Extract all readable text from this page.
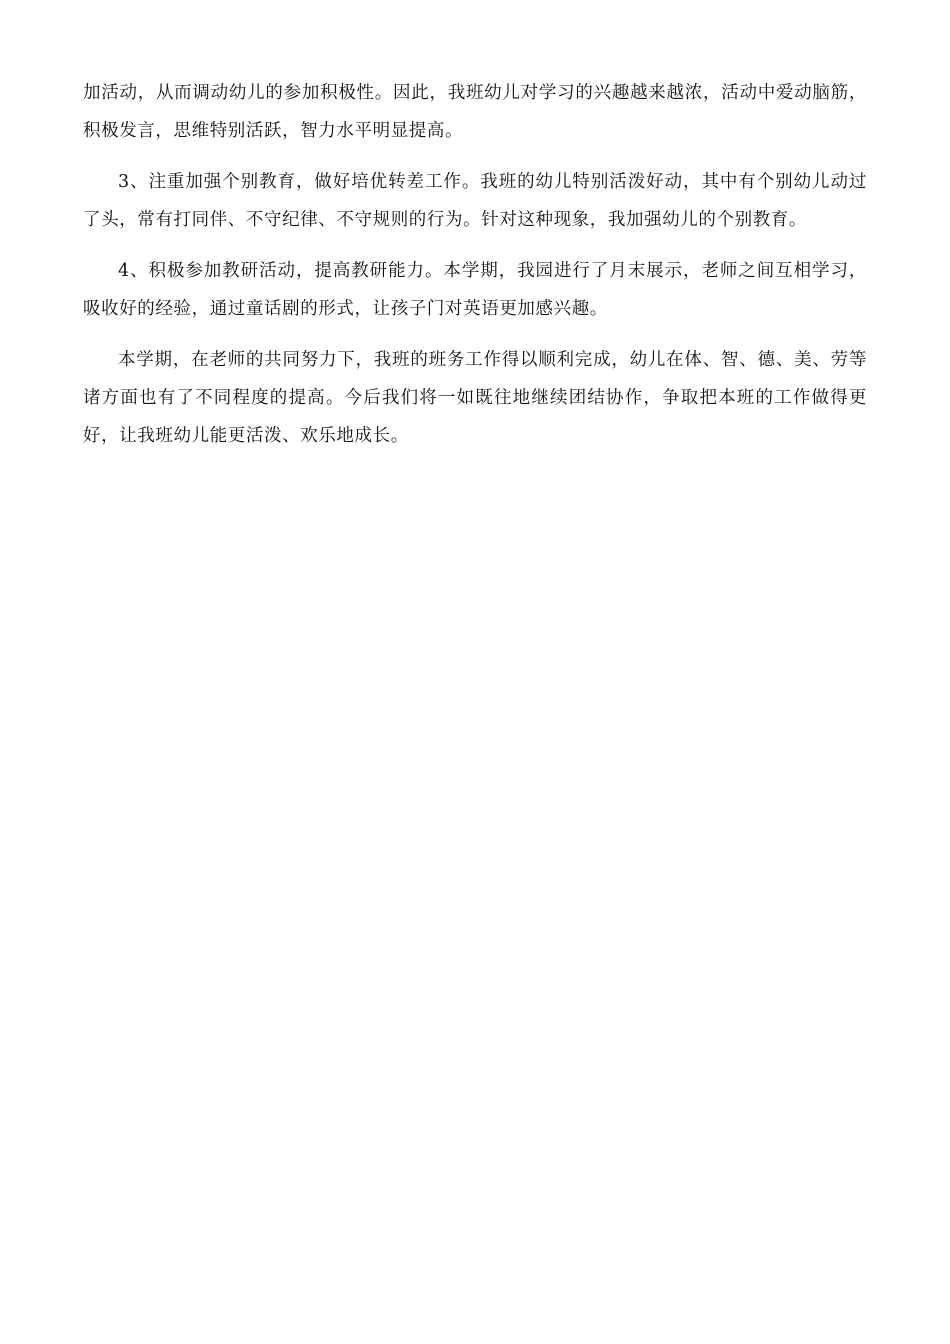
加活动，从而调动幼儿的参加积极性。因此，我班幼儿对学习的兴趣越来越浓，活动中爱动脑筋，积极发言，思维特别活跃，智力水平明显提高。

3、注重加强个别教育，做好培优转差工作。我班的幼儿特别活泼好动，其中有个别幼儿动过了头，常有打同伴、不守纪律、不守规则的行为。针对这种现象，我加强幼儿的个别教育。

4、积极参加教研活动，提高教研能力。本学期，我园进行了月末展示，老师之间互相学习，吸收好的经验，通过童话剧的形式，让孩子门对英语更加感兴趣。

本学期，在老师的共同努力下，我班的班务工作得以顺利完成，幼儿在体、智、德、美、劳等诸方面也有了不同程度的提高。今后我们将一如既往地继续团结协作，争取把本班的工作做得更好，让我班幼儿能更活泼、欢乐地成长。
